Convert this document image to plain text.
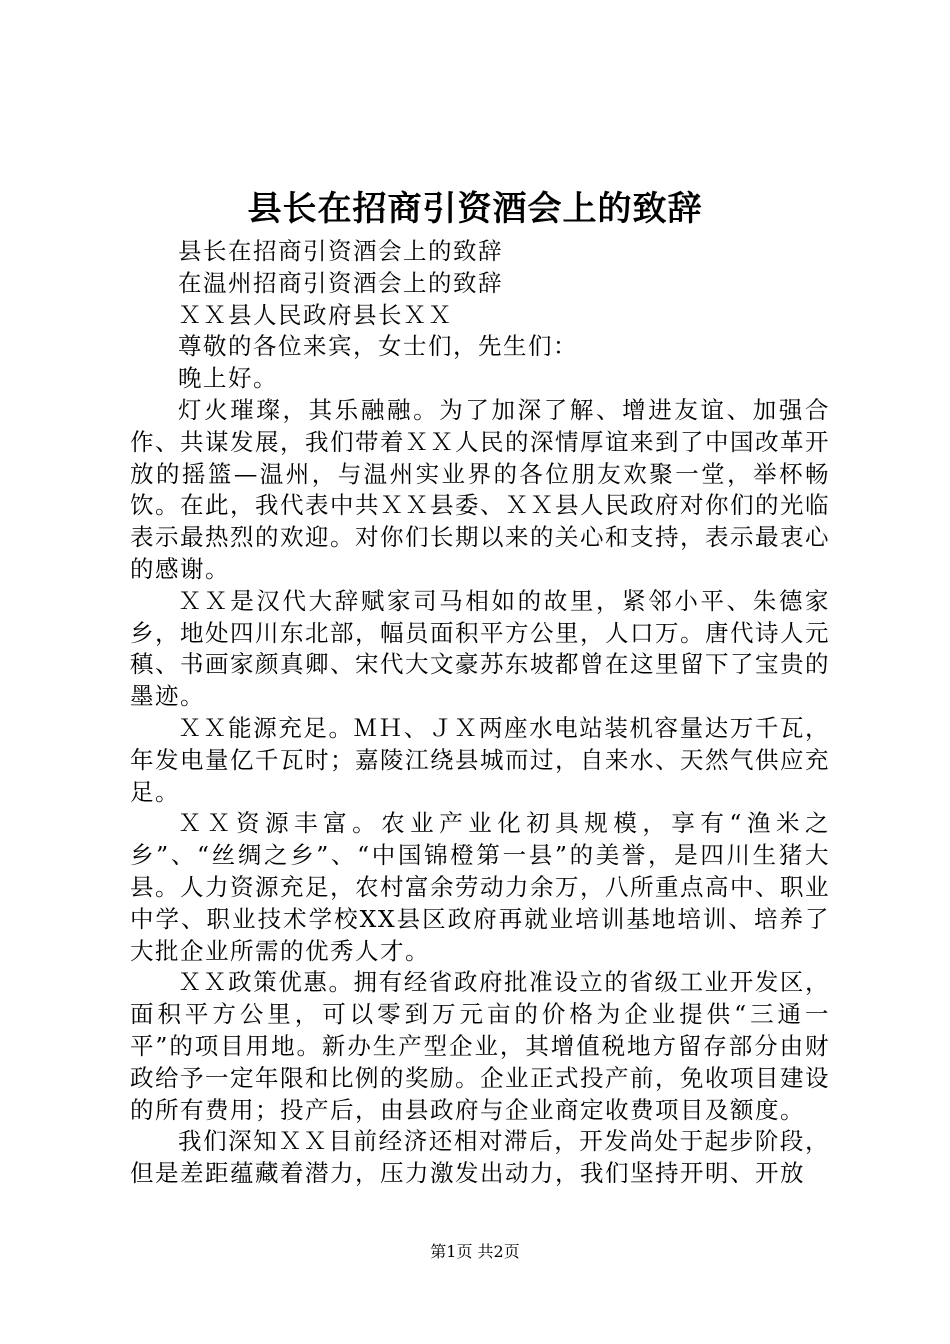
县长在招商引资酒会上的致辞

县长在招商引资酒会上的致辞

在温州招商引资酒会上的致辞

ＸＸ县人民政府县长ＸＸ

尊敬的各位来宾，女士们，先生们：

晚上好。

灯火璀璨，其乐融融。为了加深了解、增进友谊、加强合作、共谋发展，我们带着ＸＸ人民的深情厚谊来到了中国改革开放的摇篮—温州，与温州实业界的各位朋友欢聚一堂，举杯畅饮。在此，我代表中共ＸＸ县委、ＸＸ县人民政府对你们的光临表示最热烈的欢迎。对你们长期以来的关心和支持，表示最衷心的感谢。

ＸＸ是汉代大辞赋家司马相如的故里，紧邻小平、朱德家乡，地处四川东北部，幅员面积平方公里，人口万。唐代诗人元稹、书画家颜真卿、宋代大文豪苏东坡都曾在这里留下了宝贵的墨迹。

ＸＸ能源充足。ＭＨ、ＪＸ两座水电站装机容量达万千瓦，年发电量亿千瓦时；嘉陵江绕县城而过，自来水、天然气供应充足。

ＸＸ资源丰富。农业产业化初具规模，享有“渔米之乡”、“丝绸之乡”、“中国锦橙第一县”的美誉，是四川生猪大县。人力资源充足，农村富余劳动力余万，八所重点高中、职业中学、职业技术学校XX县区政府再就业培训基地培训、培养了大批企业所需的优秀人才。

ＸＸ政策优惠。拥有经省政府批准设立的省级工业开发区，面积平方公里，可以零到万元亩的价格为企业提供“三通一平”的项目用地。新办生产型企业，其增值税地方留存部分由财政给予一定年限和比例的奖励。企业正式投产前，免收项目建设的所有费用；投产后，由县政府与企业商定收费项目及额度。

我们深知ＸＸ目前经济还相对滞后，开发尚处于起步阶段，但是差距蕴藏着潜力，压力激发出动力，我们坚持开明、开放

第1页 共2页
